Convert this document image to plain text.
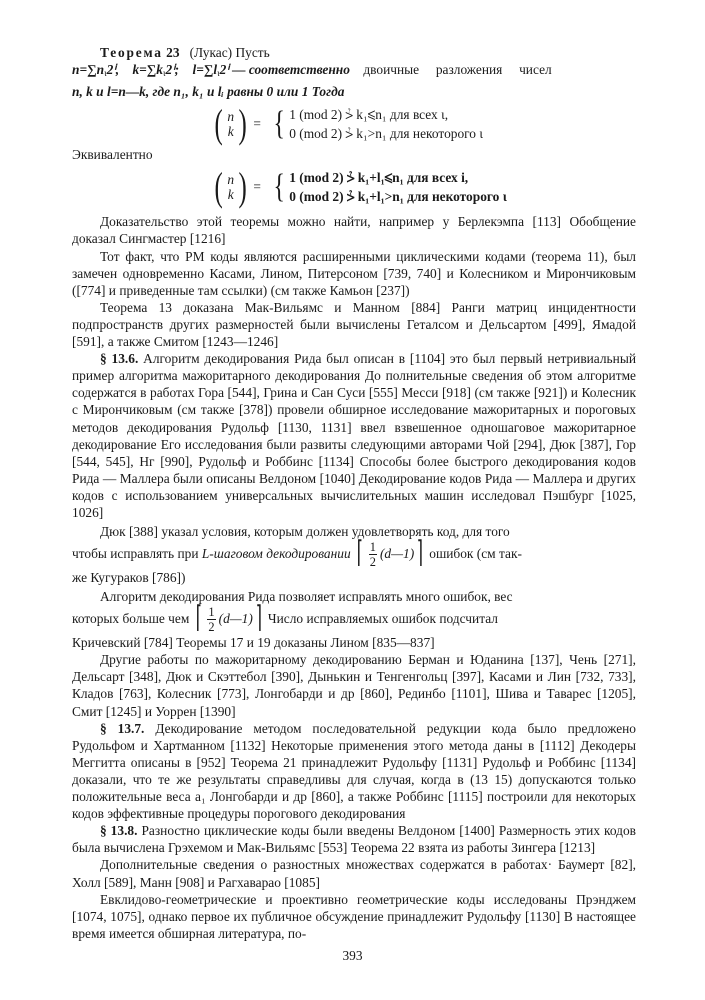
Теорема 23 (Лукас) Пусть

$n=\sum n_\iota 2^i$, $k=\sum k_\iota 2^i$; $l=\sum l_\iota 2^i$ — соответственно двоичные разложения чисел

n, k и l=n—k, где n₁, k₁ и lᵢ равны 0 или 1 Тогда

( n
k ) = { 1 (mod 2) ⩼ k₁⩽n₁ для всех ι,
0 (mod 2) ⩼ k₁>n₁ для некоторого ι

Эквивалентно

( n
k ) = { 1 (mod 2) ⩼ k₁+l₁⩽n₁ для всех i,
0 (mod 2) ⩼ k₁+l₁>n₁ для некоторого ι

Доказательство этой теоремы можно найти, например у Берлекэмпа [113] Обобщение доказал Сингмастер [1216]

Тот факт, что РМ коды являются расширенными циклическими кодами (теорема 11), был замечен одновременно Касами, Лином, Питерсоном [739, 740] и Колесником и Мирончиковым ([774] и приведенные там ссылки) (см также Камьон [237])

Теорема 13 доказана Мак-Вильямс и Манном [884] Ранги матриц инцидентности подпространств других размерностей были вычислены Геталсом и Дельсартом [499], Ямадой [591], а также Смитом [1243—1246]

§ 13.6. Алгоритм декодирования Рида был описан в [1104] это был первый нетривиальный пример алгоритма мажоритарного декодирования До полнительные сведения об этом алгоритме содержатся в работах Гора [544], Грина и Сан Суси [555] Месси [918] (см также [921]) и Колесник с Мирончиковым (см также [378]) провели обширное исследование мажоритарных и пороговых методов декодирования Рудольф [1130, 1131] ввел взвешенное одношаговое мажоритарное декодирование Его исследования были развиты следующими авторами Чой [294], Дюк [387], Гор [544, 545], Нг [990], Рудольф и Роббинс [1134] Способы более быстрого декодирования кодов Рида — Маллера были описаны Велдоном [1040] Декодирование кодов Рида — Маллера и других кодов с использованием универсальных вычислительных машин исследовал Пэшбург [1025, 1026]

Дюк [388] указал условия, которым должен удовлетворять код, для того

чтобы исправлять при L-шаговом декодировании ⌈ $\frac{1}{2}$ (d—1) ⌉ ошибок (см так-

же Кугураков [786])

Алгоритм декодирования Рида позволяет исправлять много ошибок, вес

которых больше чем ⌈ $\frac{1}{2}$ (d—1) ⌉ Число исправляемых ошибок подсчитал

Кричевский [784] Теоремы 17 и 19 доказаны Лином [835—837]

Другие работы по мажоритарному декодированию Берман и Юданина [137], Чень [271], Дельсарт [348], Дюк и Скэттебол [390], Дынькин и Тенгенгольц [397], Касами и Лин [732, 733], Кладов [763], Колесник [773], Лонгобарди и др [860], Рединбо [1101], Шива и Таварес [1205], Смит [1245] и Уоррен [1390]

§ 13.7. Декодирование методом последовательной редукции кода было предложено Рудольфом и Хартманном [1132] Некоторые применения этого метода даны в [1112] Декодеры Меггитта описаны в [952] Теорема 21 принадлежит Рудольфу [1131] Рудольф и Роббинс [1134] доказали, что те же результаты справедливы для случая, когда в (13 15) допускаются только положительные веса a₁ Лонгобарди и др [860], а также Роббинс [1115] построили для некоторых кодов эффективные процедуры порогового декодирования

§ 13.8. Разностно циклические коды были введены Велдоном [1400] Размерность этих кодов была вычислена Грэхемом и Мак-Вильямс [553] Теорема 22 взята из работы Зингера [1213]

Дополнительные сведения о разностных множествах содержатся в работах· Баумерт [82], Холл [589], Манн [908] и Рагхаварао [1085]

Евклидово-геометрические и проективно геометрические коды исследованы Прэнджем [1074, 1075], однако первое их публичное обсуждение принадлежит Рудольфу [1130] В настоящее время имеется обширная литература, по-

393
